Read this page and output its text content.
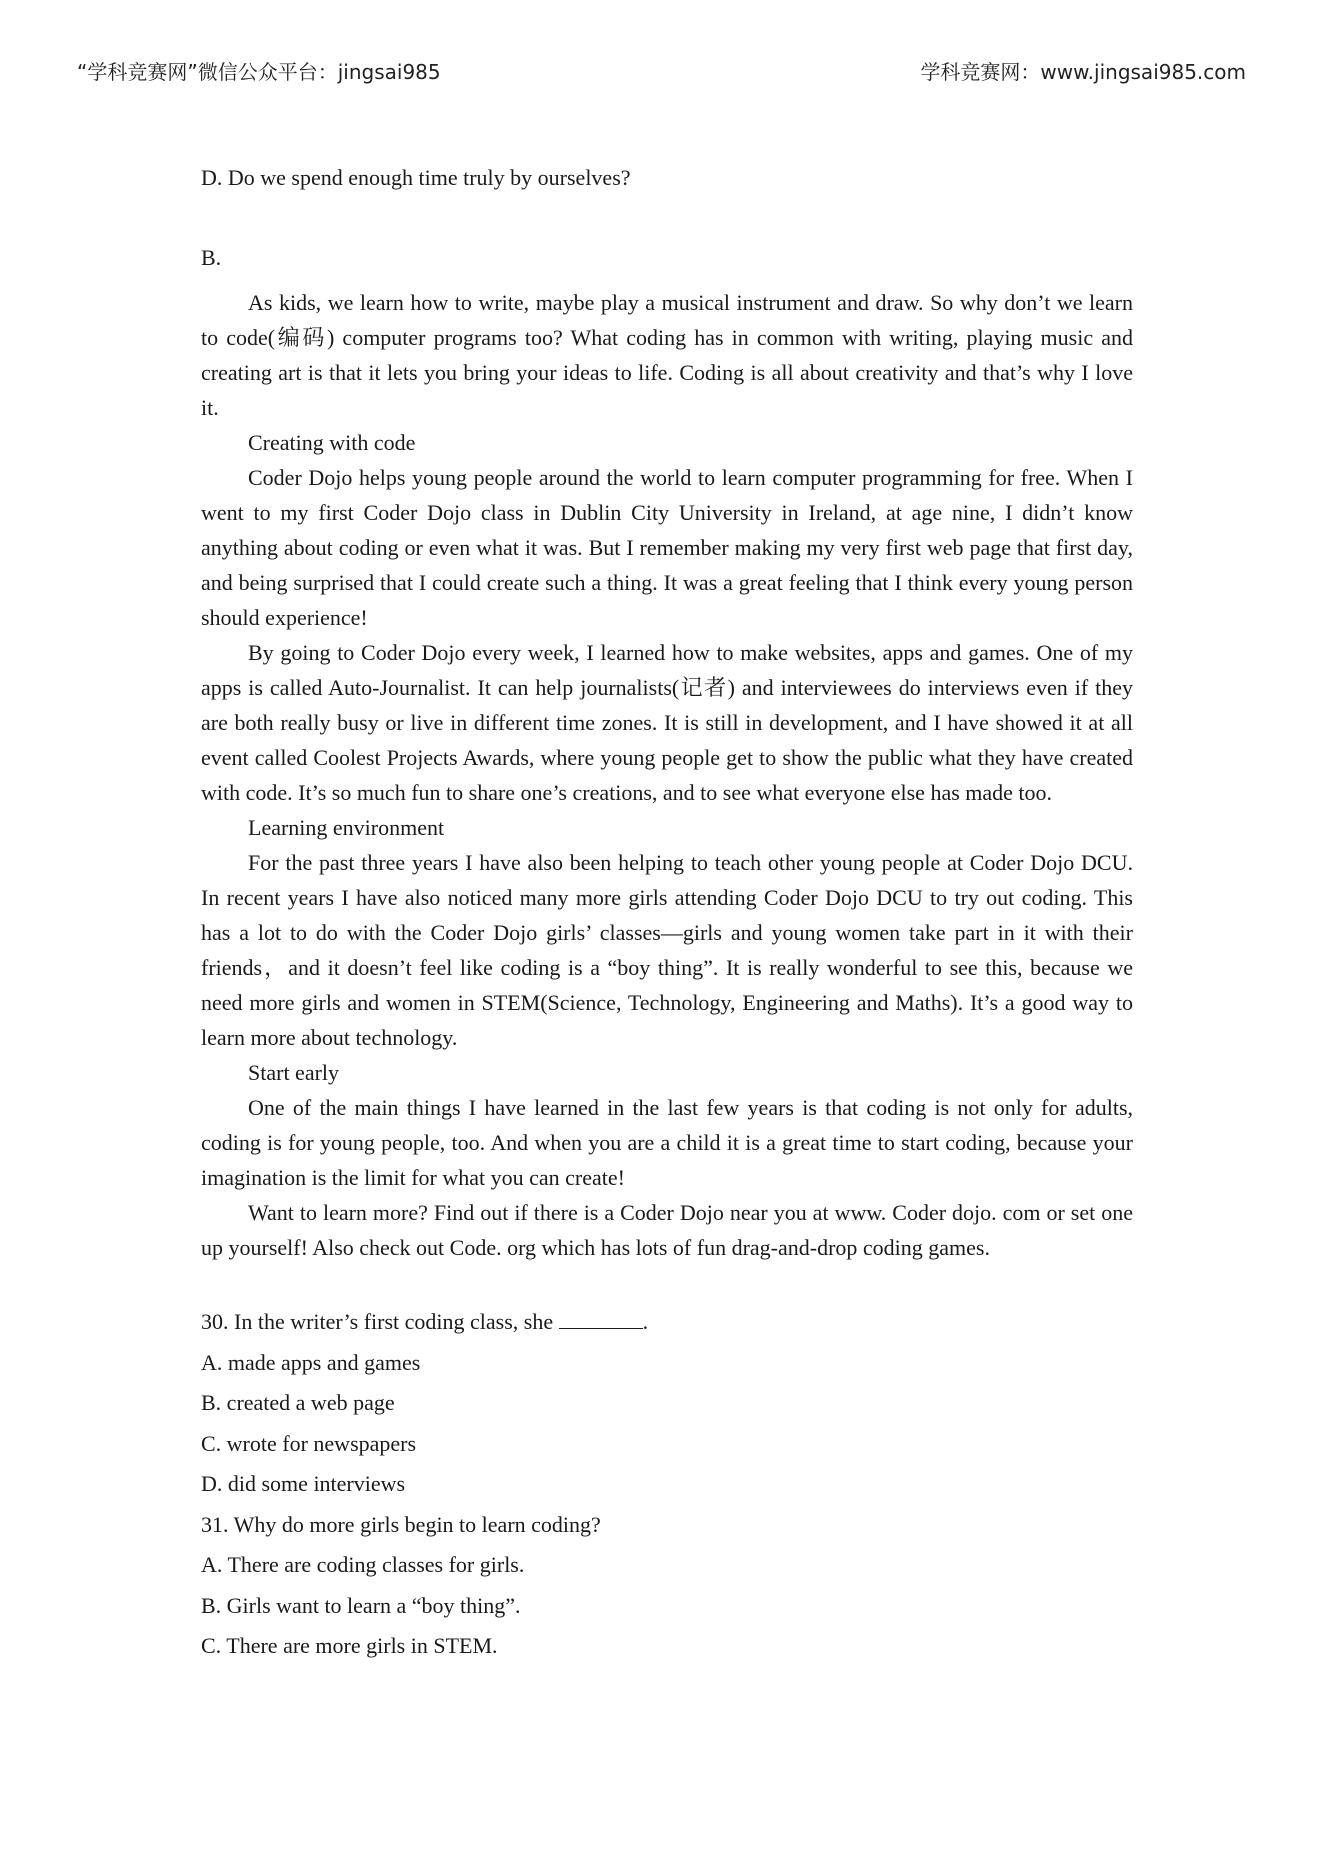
“学科竞赛网”微信公众平台：jingsai985	学科竞赛网：www.jingsai985.com

D. Do we spend enough time truly by ourselves?

B.

As kids, we learn how to write, maybe play a musical instrument and draw. So why don’t we learn to code(编码) computer programs too? What coding has in common with writing, playing music and creating art is that it lets you bring your ideas to life. Coding is all about creativity and that’s why I love it.

Creating with code

Coder Dojo helps young people around the world to learn computer programming for free. When I went to my first Coder Dojo class in Dublin City University in Ireland, at age nine, I didn’t know anything about coding or even what it was. But I remember making my very first web page that first day, and being surprised that I could create such a thing. It was a great feeling that I think every young person should experience!

By going to Coder Dojo every week, I learned how to make websites, apps and games. One of my apps is called Auto-Journalist. It can help journalists(记者) and interviewees do interviews even if they are both really busy or live in different time zones. It is still in development, and I have showed it at all event called Coolest Projects Awards, where young people get to show the public what they have created with code. It’s so much fun to share one’s creations, and to see what everyone else has made too.

Learning environment

For the past three years I have also been helping to teach other young people at Coder Dojo DCU. In recent years I have also noticed many more girls attending Coder Dojo DCU to try out coding. This has a lot to do with the Coder Dojo girls’ classes—girls and young women take part in it with their friends，and it doesn’t feel like coding is a “boy thing”. It is really wonderful to see this, because we need more girls and women in STEM(Science, Technology, Engineering and Maths). It’s a good way to learn more about technology.

Start early

One of the main things I have learned in the last few years is that coding is not only for adults, coding is for young people, too. And when you are a child it is a great time to start coding, because your imagination is the limit for what you can create!

Want to learn more? Find out if there is a Coder Dojo near you at www. Coder dojo. com or set one up yourself! Also check out Code. org which has lots of fun drag-and-drop coding games.

30. In the writer’s first coding class, she	.

A. made apps and games

B. created a web page

C. wrote for newspapers

D. did some interviews

31. Why do more girls begin to learn coding?

A. There are coding classes for girls.

B. Girls want to learn a “boy thing”.

C. There are more girls in STEM.
